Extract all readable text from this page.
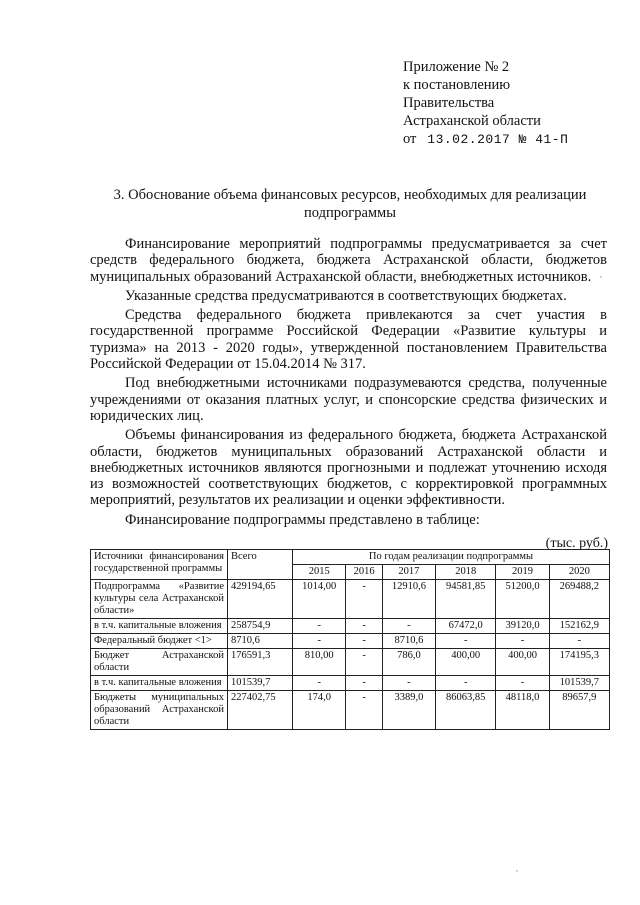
Приложение № 2
к постановлению
Правительства
Астраханской области
от 13.02.2017 № 41-П
3. Обоснование объема финансовых ресурсов, необходимых для реализации подпрограммы

Финансирование мероприятий подпрограммы предусматривается за счет средств федерального бюджета, бюджета Астраханской области, бюджетов муниципальных образований Астраханской области, внебюджетных источников.

Указанные средства предусматриваются в соответствующих бюджетах.

Средства федерального бюджета привлекаются за счет участия в государственной программе Российской Федерации «Развитие культуры и туризма» на 2013 - 2020 годы», утвержденной постановлением Правительства Российской Федерации от 15.04.2014 № 317.

Под внебюджетными источниками подразумеваются средства, полученные учреждениями от оказания платных услуг, и спонсорские средства физических и юридических лиц.

Объемы финансирования из федерального бюджета, бюджета Астраханской области, бюджетов муниципальных образований Астраханской области и внебюджетных источников являются прогнозными и подлежат уточнению исходя из возможностей соответствующих бюджетов, с корректировкой программных мероприятий, результатов их реализации и оценки эффективности.

Финансирование подпрограммы представлено в таблице:

(тыс. руб.)
Источники финансирования государственной программы	Всего	По годам реализации подпрограммы					
		2015	2016	2017	2018	2019	2020
Подпрограмма «Развитие культуры села Астраханской области»	429194,65	1014,00	-	12910,6	94581,85	51200,0	269488,2
в т.ч. капитальные вложения	258754,9	-	-	-	67472,0	39120,0	152162,9
Федеральный бюджет <1>	8710,6	-	-	8710,6	-	-	-
Бюджет Астраханской области	176591,3	810,00	-	786,0	400,00	400,00	174195,3
в т.ч. капитальные вложения	101539,7	-	-	-	-	-	101539,7
Бюджеты муниципальных образований Астраханской области	227402,75	174,0	-	3389,0	86063,85	48118,0	89657,9
,
,
